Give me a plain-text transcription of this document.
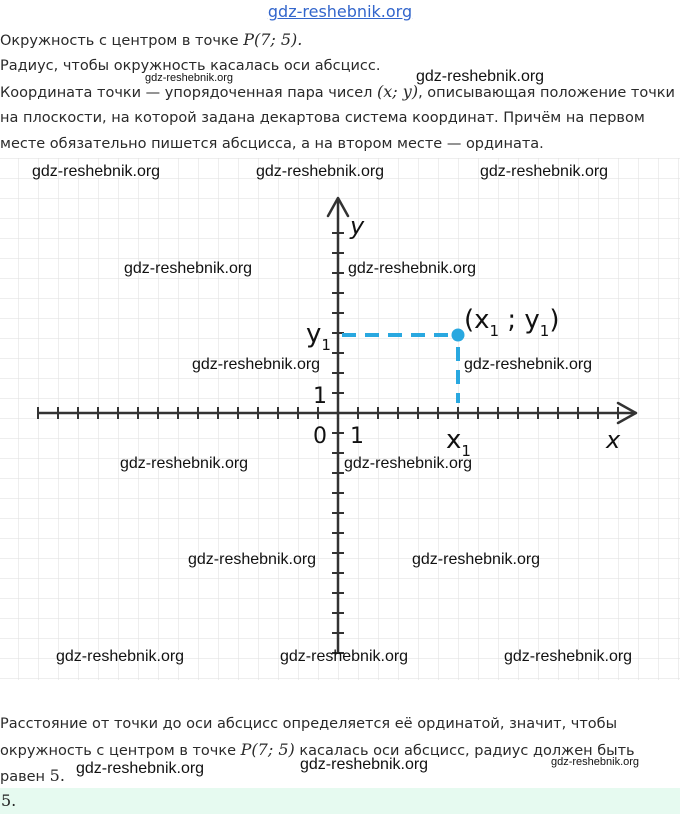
gdz-reshebnik.org

Окружность с центром в точке P(7; 5).

Радиус, чтобы окружность касалась оси абсцисс.

Координата точки — упорядоченная пара чисел (x; y), описывающая положение точки

на плоскости, на которой задана декартова система координат. Причём на первом

месте обязательно пишется абсцисса, а на втором месте — ордината.

y
x
0 1
1
$y_1$
$x_1$
($x_1$ ; $y_1$)

Расстояние от точки до оси абсцисс определяется её ординатой, значит, чтобы

окружность с центром в точке P(7; 5) касалась оси абсцисс, радиус должен быть

равен 5.

5.
gdz-reshebnik.org	gdz-reshebnik.org
gdz-reshebnik.org	gdz-reshebnik.org	gdz-reshebnik.org
gdz-reshebnik.org	gdz-reshebnik.org
gdz-reshebnik.org	gdz-reshebnik.org
gdz-reshebnik.org	gdz-reshebnik.org
gdz-reshebnik.org	gdz-reshebnik.org
gdz-reshebnik.org	gdz-reshebnik.org	gdz-reshebnik.org
gdz-reshebnik.org	gdz-reshebnik.org	gdz-reshebnik.org
